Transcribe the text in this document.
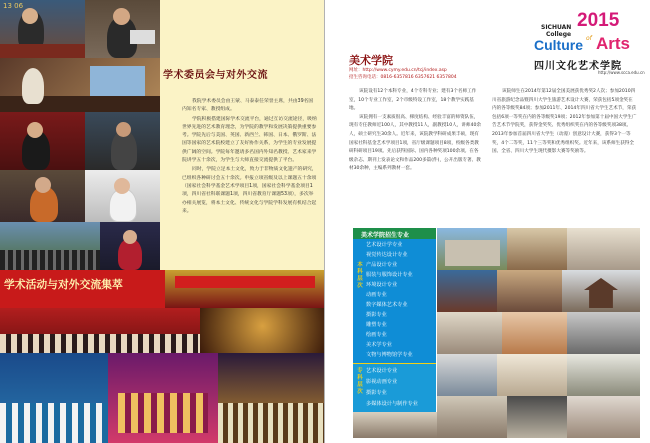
13 06
学术委员会与对外交流

我院学术委员会由王蒙、马泰泰任荣誉主席，共由39名国内知名专家、教授组成。

学院积极搭建国际学术交流平台，通过互访交流途径，吸纳世界先进的艺术教育理念，为学院的教学和发展决策提供重要参考。学院先后与美国、英国、新西兰、韩国、日本、俄罗斯、法国等国家的艺术院校建立了友好协作关系，为学生的专业发展提供广阔的空间。学院每年邀请多名国内外知名教授、艺术家来学院讲学五十余次，为学生与大师直接交流提供了平台。

同时，学院立足本土文化，致力于非物质文化遗产的研究，已组织各种研讨会五十余次。申报立项省级及以上课题五十余项（国家社会科学基金艺术学项目1项，国家社会科学基金项目1项，四川省社科联课题1项，四川省教育厅课题53项），多次举办相关展览，将本土文化、传统文化与学院学科发展有机结合起来。

学术活动与对外交流集萃
2015
SICHUAN
College
Culture of Arts
四川文化艺术学院
http://www.scca.edu.cn
美术学院
网址：http://www.cymy.edu.cn/tcj/index.asp
招生咨询电话：0816-6357816 6357621 6357804

该院设有12个本科专业，4个专科专业；建有3个名师工作室，10个专业工作室，2个市级特设工作室，18个教学实践基地。

该院拥有一支素质很高、梯度结构、经验丰富的师资队伍，现有专任教师近100人，其中教授11人，副教授10人，讲师40余人，硕士研究生30余人。近年来，该院教学科研成果丰硕，现有国家社科基金艺术学项目1项，省厅级课题项目8项，校级各类教研科研项目19项。先后获得国际、国内各种奖项100余项。在各级杂志、期刊上发表论文和作品200多篇(件)，公开出版专著、教材30余种，主编系列教材一套。

该院师生在2014年第12届全国美展获优秀奖2人次；参加2010四川省旅游纪念品暨四川大学生旅游艺术设计大赛，荣获包括5项金奖在内的各等级奖84项；参加2011年、2014年四川省大学生艺术节，荣获包括6项一等奖在内的各等级奖19项；2012年参加第十届中国大学生广告艺术节学院奖，获得金奖奖、优秀组织奖在内的各等级奖项38项。2013年参加首届四川省大学生（动漫）创意设计大赛，获得3个一等奖，4个二等奖，11个三等奖和优秀组织奖。近年来，该系师生获得全国、全省、四川大学生现代摄影大赛等奖励等。

美术学院招生专业
本科层次
专科层次
艺术设计学专业
视觉传达设计专业
产品设计专业
服装与服饰设计专业
环境设计专业
动画专业
数字媒体艺术专业
摄影专业
雕塑专业
绘画专业
美术学专业
文物与博物馆学专业
艺术设计专业
影视动画专业
摄影专业
多媒体设计与制作专业
